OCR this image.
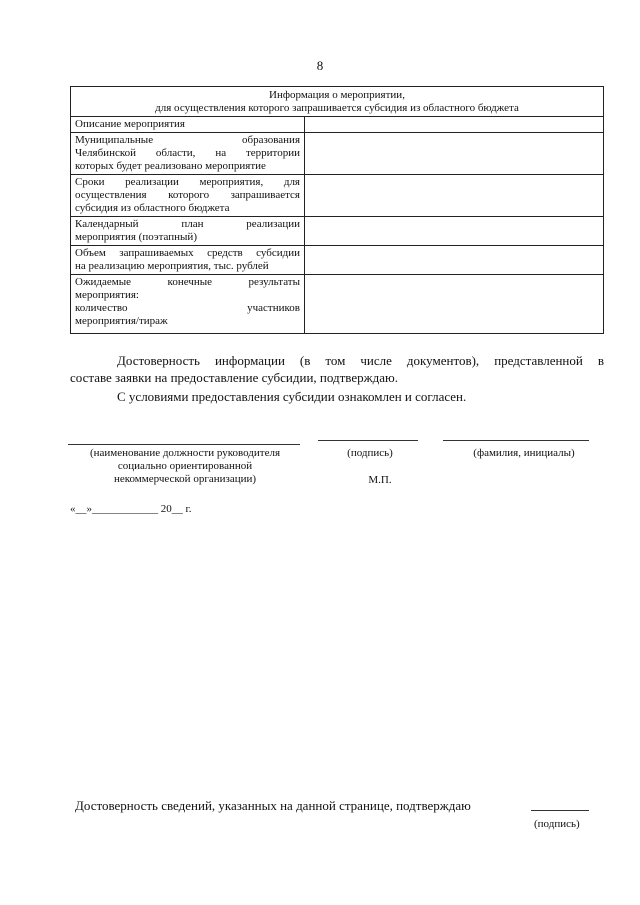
8
Информация о мероприятии,
для осуществления которого запрашивается субсидия из областного бюджета	

Описание мероприятия	

Муниципальные образования
Челябинской области, на территории
которых будет реализовано мероприятие	

Сроки реализации мероприятия, для
осуществления которого запрашивается
субсидия из областного бюджета	

Календарный план реализации
мероприятия (поэтапный)	

Объем запрашиваемых средств субсидии
на реализацию мероприятия, тыс. рублей	

Ожидаемые конечные результаты
мероприятия:
количество участников
мероприятия/тираж	

Достоверность информации (в том числе документов), представленной в
составе заявки на предоставление субсидии, подтверждаю.
С условиями предоставления субсидии ознакомлен и согласен.
(наименование должности руководителя
социально ориентированной
некоммерческой организации)
(подпись)
М.П.
(фамилия, инициалы)
«__»____________ 20__ г.
Достоверность сведений, указанных на данной странице, подтверждаю
(подпись)
